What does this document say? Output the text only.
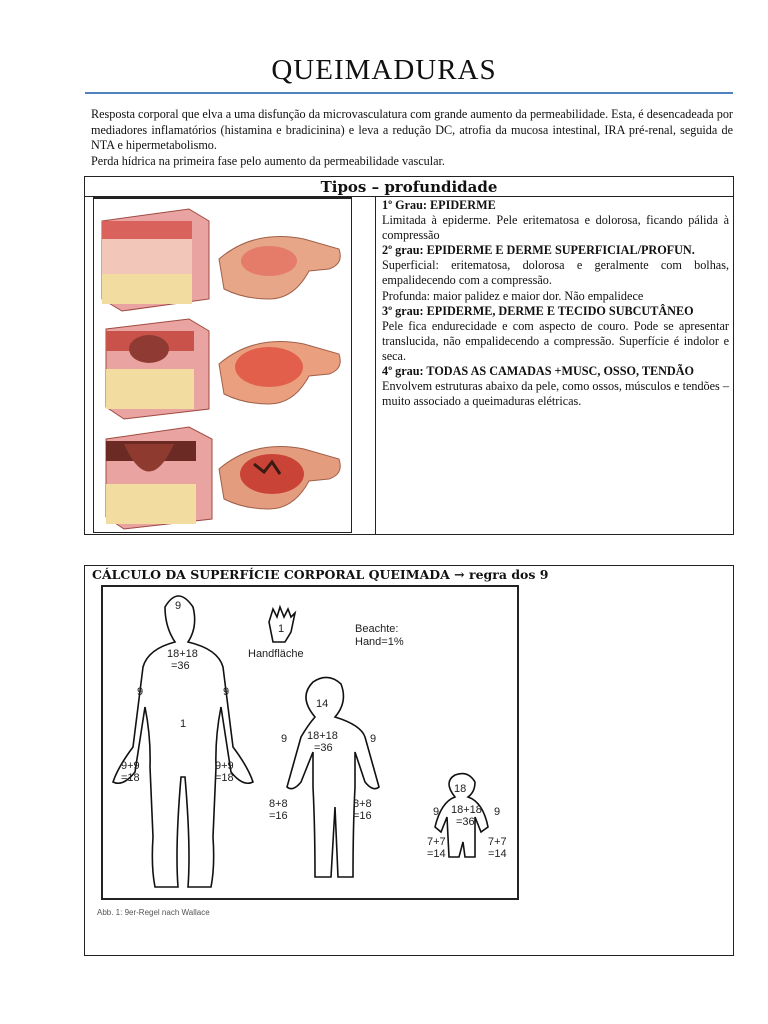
QUEIMADURAS

Resposta corporal que elva a uma disfunção da microvasculatura com grande aumento da permeabilidade. Esta, é desencadeada por mediadores inflamatórios (histamina e bradicinina) e leva a redução DC, atrofia da mucosa intestinal, IRA pré-renal, seguida de NTA e hipermetabolismo.

Perda hídrica na primeira fase pelo aumento da permeabilidade vascular.

Tipos – profundidade
1º Grau: EPIDERME
Limitada à epiderme. Pele eritematosa e dolorosa, ficando pálida à compressão
2º grau: EPIDERME E DERME SUPERFICIAL/PROFUN.
Superficial: eritematosa, dolorosa e geralmente com bolhas, empalidecendo com a compressão.
Profunda: maior palidez e maior dor. Não empalidece
3º grau: EPIDERME, DERME E TECIDO SUBCUTÂNEO
Pele fica endurecidade e com aspecto de couro. Pode se apresentar translucida, não empalidecendo a compressão. Superfície é indolor e seca.
4º grau: TODAS AS CAMADAS +MUSC, OSSO, TENDÃO
Envolvem estruturas abaixo da pele, como ossos, músculos e tendões – muito associado a queimaduras elétricas.
CÁLCULO DA SUPERFÍCIE CORPORAL QUEIMADA → regra dos 9
9
18+18
=36
9	9
1
9+9
=18
9+9
=18
1
Handfläche
Beachte:
Hand=1%
14
18+18
=36
9	9
8+8
=16
8+8
=16
18
18+18
=36
9	9
7+7
=14
7+7
=14
Abb. 1: 9er-Regel nach Wallace
